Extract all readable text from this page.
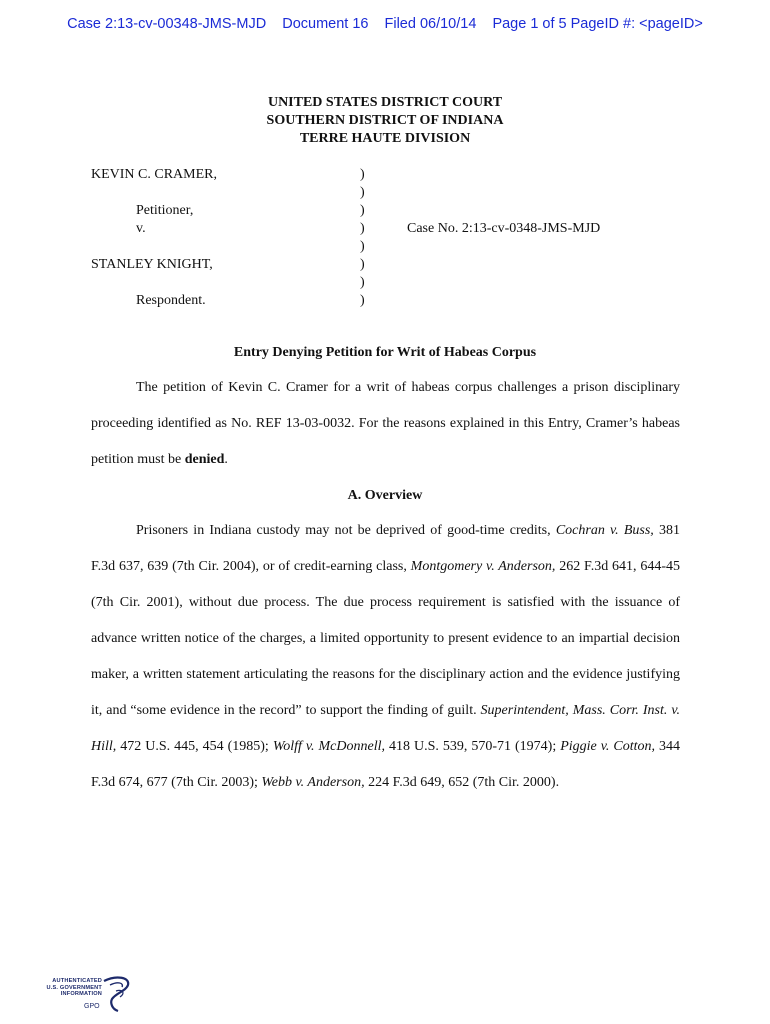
Case 2:13-cv-00348-JMS-MJD Document 16 Filed 06/10/14 Page 1 of 5 PageID #: <pageID>
UNITED STATES DISTRICT COURT
SOUTHERN DISTRICT OF INDIANA
TERRE HAUTE DIVISION
KEVIN C. CRAMER,
Petitioner,
v.
STANLEY KNIGHT,
Respondent.
Case No. 2:13-cv-0348-JMS-MJD
)
)
)
)
)
)
)
)
Entry Denying Petition for Writ of Habeas Corpus
The petition of Kevin C. Cramer for a writ of habeas corpus challenges a prison disciplinary proceeding identified as No. REF 13-03-0032. For the reasons explained in this Entry, Cramer’s habeas petition must be denied.
A. Overview
Prisoners in Indiana custody may not be deprived of good-time credits, Cochran v. Buss, 381 F.3d 637, 639 (7th Cir. 2004), or of credit-earning class, Montgomery v. Anderson, 262 F.3d 641, 644-45 (7th Cir. 2001), without due process. The due process requirement is satisfied with the issuance of advance written notice of the charges, a limited opportunity to present evidence to an impartial decision maker, a written statement articulating the reasons for the disciplinary action and the evidence justifying it, and “some evidence in the record” to support the finding of guilt. Superintendent, Mass. Corr. Inst. v. Hill, 472 U.S. 445, 454 (1985); Wolff v. McDonnell, 418 U.S. 539, 570-71 (1974); Piggie v. Cotton, 344 F.3d 674, 677 (7th Cir. 2003); Webb v. Anderson, 224 F.3d 649, 652 (7th Cir. 2000).
AUTHENTICATED
U.S. GOVERNMENT
INFORMATION
GPO
